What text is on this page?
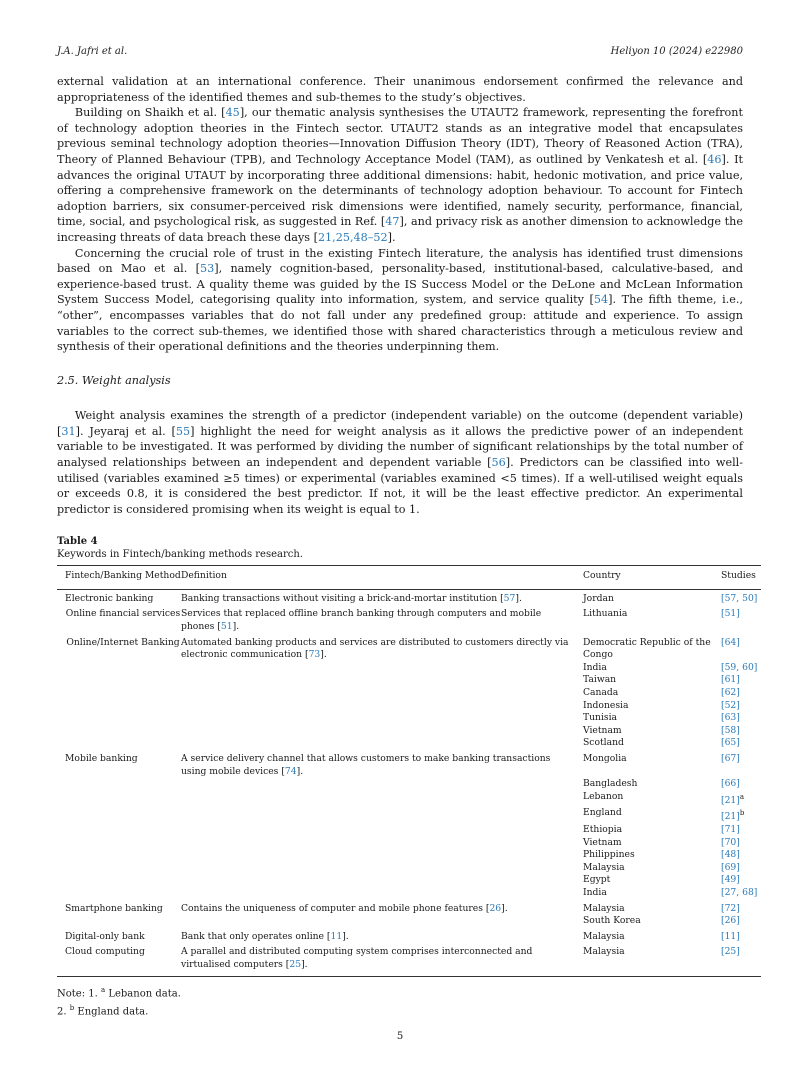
J.A. Jafri et al.	Heliyon 10 (2024) e22980

external validation at an international conference. Their unanimous endorsement confirmed the relevance and appropriateness of the identified themes and sub-themes to the study’s objectives.

Building on Shaikh et al. [45], our thematic analysis synthesises the UTAUT2 framework, representing the forefront of technology adoption theories in the Fintech sector. UTAUT2 stands as an integrative model that encapsulates previous seminal technology adoption theories—Innovation Diffusion Theory (IDT), Theory of Reasoned Action (TRA), Theory of Planned Behaviour (TPB), and Technology Acceptance Model (TAM), as outlined by Venkatesh et al. [46]. It advances the original UTAUT by incorporating three additional dimensions: habit, hedonic motivation, and price value, offering a comprehensive framework on the determinants of technology adoption behaviour. To account for Fintech adoption barriers, six consumer-perceived risk dimensions were identified, namely security, performance, financial, time, social, and psychological risk, as suggested in Ref. [47], and privacy risk as another dimension to acknowledge the increasing threats of data breach these days [21,25,48–52].

Concerning the crucial role of trust in the existing Fintech literature, the analysis has identified trust dimensions based on Mao et al. [53], namely cognition-based, personality-based, institutional-based, calculative-based, and experience-based trust. A quality theme was guided by the IS Success Model or the DeLone and McLean Information System Success Model, categorising quality into information, system, and service quality [54]. The fifth theme, i.e., “other”, encompasses variables that do not fall under any predefined group: attitude and experience. To assign variables to the correct sub-themes, we identified those with shared characteristics through a meticulous review and synthesis of their operational definitions and the theories underpinning them.

2.5. Weight analysis

Weight analysis examines the strength of a predictor (independent variable) on the outcome (dependent variable) [31]. Jeyaraj et al. [55] highlight the need for weight analysis as it allows the predictive power of an independent variable to be investigated. It was performed by dividing the number of significant relationships by the total number of analysed relationships between an independent and dependent variable [56]. Predictors can be classified into well-utilised (variables examined ≥5 times) or experimental (variables examined <5 times). If a well-utilised weight equals or exceeds 0.8, it is considered the best predictor. If not, it will be the least effective predictor. An experimental predictor is considered promising when its weight is equal to 1.

Table 4
Keywords in Fintech/banking methods research.
Fintech/Banking Method	Definition	Country	Studies
Electronic banking	Banking transactions without visiting a brick-and-mortar institution [57].	Jordan	[57, 50]
Online financial services	Services that replaced offline branch banking through computers and mobile phones [51].	Lithuania	[51]
Online/Internet Banking	Automated banking products and services are distributed to customers directly via electronic communication [73].	Democratic Republic of the Congo	[64]
		India	[59, 60]
		Taiwan	[61]
		Canada	[62]
		Indonesia	[52]
		Tunisia	[63]
		Vietnam	[58]
		Scotland	[65]
Mobile banking	A service delivery channel that allows customers to make banking transactions using mobile devices [74].	Mongolia	[67]
		Bangladesh	[66]
		Lebanon	$[21]^a$
		England	$[21]^b$
		Ethiopia	[71]
		Vietnam	[70]
		Philippines	[48]
		Malaysia	[69]
		Egypt	[49]
		India	[27, 68]
Smartphone banking	Contains the uniqueness of computer and mobile phone features [26].	Malaysia	[72]
		South Korea	[26]
Digital-only bank	Bank that only operates online [11].	Malaysia	[11]
Cloud computing	A parallel and distributed computing system comprises interconnected and virtualised computers [25].	Malaysia	[25]
Note: 1. $^a$ Lebanon data.
2. $^b$ England data.
5
